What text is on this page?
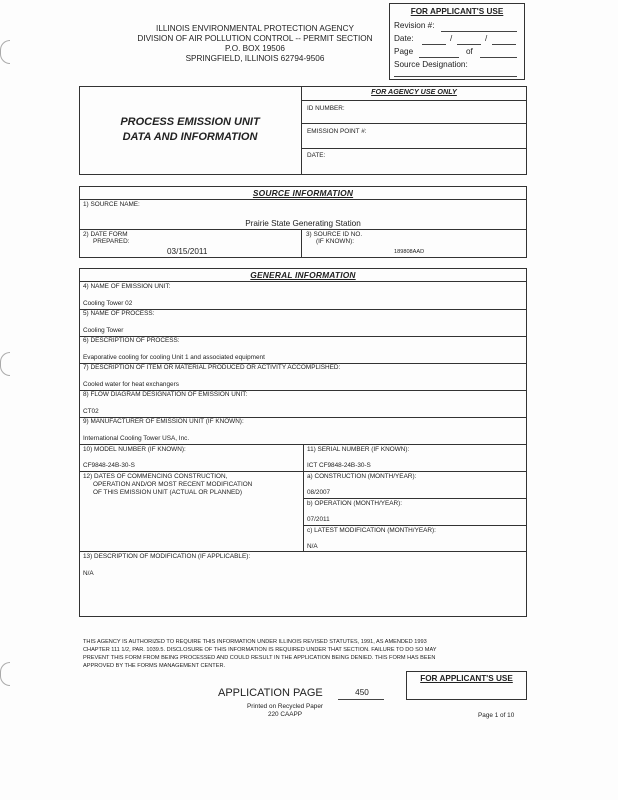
ILLINOIS ENVIRONMENTAL PROTECTION AGENCY
DIVISION OF AIR POLLUTION CONTROL -- PERMIT SECTION
P.O. BOX 19506
SPRINGFIELD, ILLINOIS 62794-9506
FOR APPLICANT'S USE
Revision #:
Date:	/	/
Page	of
Source Designation:
PROCESS EMISSION UNIT
DATA AND INFORMATION
FOR AGENCY USE ONLY
ID NUMBER:
EMISSION POINT #:
DATE:
SOURCE INFORMATION
1) SOURCE NAME:
Prairie State Generating Station
2) DATE FORM
PREPARED:
03/15/2011
3) SOURCE ID NO.
(IF KNOWN):
189808AAD
GENERAL INFORMATION
4) NAME OF EMISSION UNIT:
Cooling Tower 02
5) NAME OF PROCESS:
Cooling Tower
6) DESCRIPTION OF PROCESS:
Evaporative cooling for cooling Unit 1 and associated equipment
7) DESCRIPTION OF ITEM OR MATERIAL PRODUCED OR ACTIVITY ACCOMPLISHED:
Cooled water for heat exchangers
8) FLOW DIAGRAM DESIGNATION OF EMISSION UNIT:
CT02
9) MANUFACTURER OF EMISSION UNIT (IF KNOWN):
International Cooling Tower USA, Inc.
10) MODEL NUMBER (IF KNOWN):
CF9848-24B-30-S
11) SERIAL NUMBER (IF KNOWN):
ICT CF9848-24B-30-S
12) DATES OF COMMENCING CONSTRUCTION,
OPERATION AND/OR MOST RECENT MODIFICATION
OF THIS EMISSION UNIT (ACTUAL OR PLANNED)
a) CONSTRUCTION (MONTH/YEAR):
08/2007
b) OPERATION (MONTH/YEAR):
07/2011
c) LATEST MODIFICATION (MONTH/YEAR):
N/A
13) DESCRIPTION OF MODIFICATION (IF APPLICABLE):
N/A
THIS AGENCY IS AUTHORIZED TO REQUIRE THIS INFORMATION UNDER ILLINOIS REVISED STATUTES, 1991, AS AMENDED 1993
CHAPTER 111 1/2, PAR. 1039.5. DISCLOSURE OF THIS INFORMATION IS REQUIRED UNDER THAT SECTION. FAILURE TO DO SO MAY
PREVENT THIS FORM FROM BEING PROCESSED AND COULD RESULT IN THE APPLICATION BEING DENIED. THIS FORM HAS BEEN
APPROVED BY THE FORMS MANAGEMENT CENTER.
FOR APPLICANT'S USE
APPLICATION PAGE	450
Printed on Recycled Paper
220 CAAPP	Page 1 of 10
